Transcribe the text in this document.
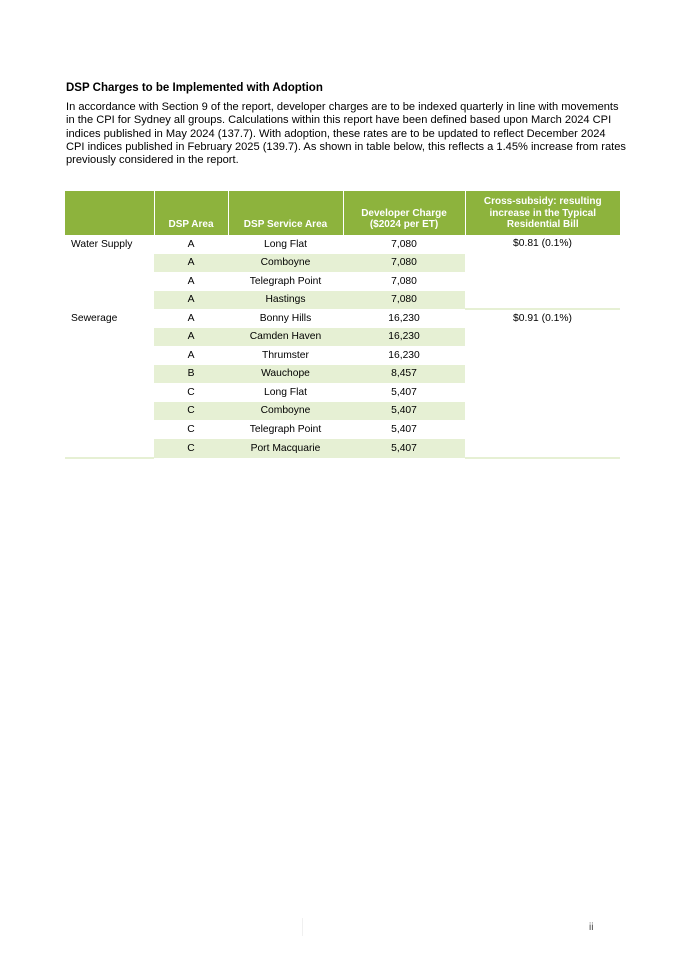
DSP Charges to be Implemented with Adoption

In accordance with Section 9 of the report, developer charges are to be indexed quarterly in line with movements in the CPI for Sydney all groups. Calculations within this report have been defined based upon March 2024 CPI indices published in May 2024 (137.7). With adoption, these rates are to be updated to reflect December 2024 CPI indices published in February 2025 (139.7). As shown in table below, this reflects a 1.45% increase from rates previously considered in the report.

	DSP Area	DSP Service Area	Developer Charge ($2024 per ET)	Cross-subsidy: resulting increase in the Typical Residential Bill
Water Supply	A	Long Flat	7,080	$0.81 (0.1%)
	A	Comboyne	7,080	
	A	Telegraph Point	7,080	
	A	Hastings	7,080	
Sewerage	A	Bonny Hills	16,230	$0.91 (0.1%)
	A	Camden Haven	16,230	
	A	Thrumster	16,230	
	B	Wauchope	8,457	
	C	Long Flat	5,407	
	C	Comboyne	5,407	
	C	Telegraph Point	5,407	
	C	Port Macquarie	5,407	
ii
